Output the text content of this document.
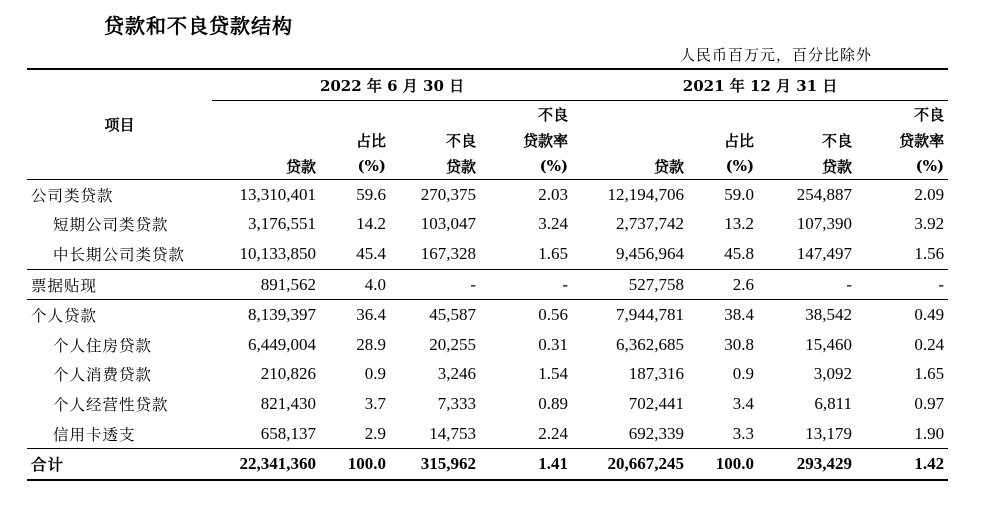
贷款和不良贷款结构
人民币百万元，百分比除外
项目	2022 年 6 月 30 日				2021 年 12 月 31 日			
				不良				不良
		占比	不良	贷款率		占比	不良	贷款率
	贷款	(%)	贷款	(%)	贷款	(%)	贷款	(%)
公司类贷款	13,310,401	59.6	270,375	2.03	12,194,706	59.0	254,887	2.09
短期公司类贷款	3,176,551	14.2	103,047	3.24	2,737,742	13.2	107,390	3.92
中长期公司类贷款	10,133,850	45.4	167,328	1.65	9,456,964	45.8	147,497	1.56
票据贴现	891,562	4.0	-	-	527,758	2.6	-	-
个人贷款	8,139,397	36.4	45,587	0.56	7,944,781	38.4	38,542	0.49
个人住房贷款	6,449,004	28.9	20,255	0.31	6,362,685	30.8	15,460	0.24
个人消费贷款	210,826	0.9	3,246	1.54	187,316	0.9	3,092	1.65
个人经营性贷款	821,430	3.7	7,333	0.89	702,441	3.4	6,811	0.97
信用卡透支	658,137	2.9	14,753	2.24	692,339	3.3	13,179	1.90
合计	22,341,360	100.0	315,962	1.41	20,667,245	100.0	293,429	1.42
